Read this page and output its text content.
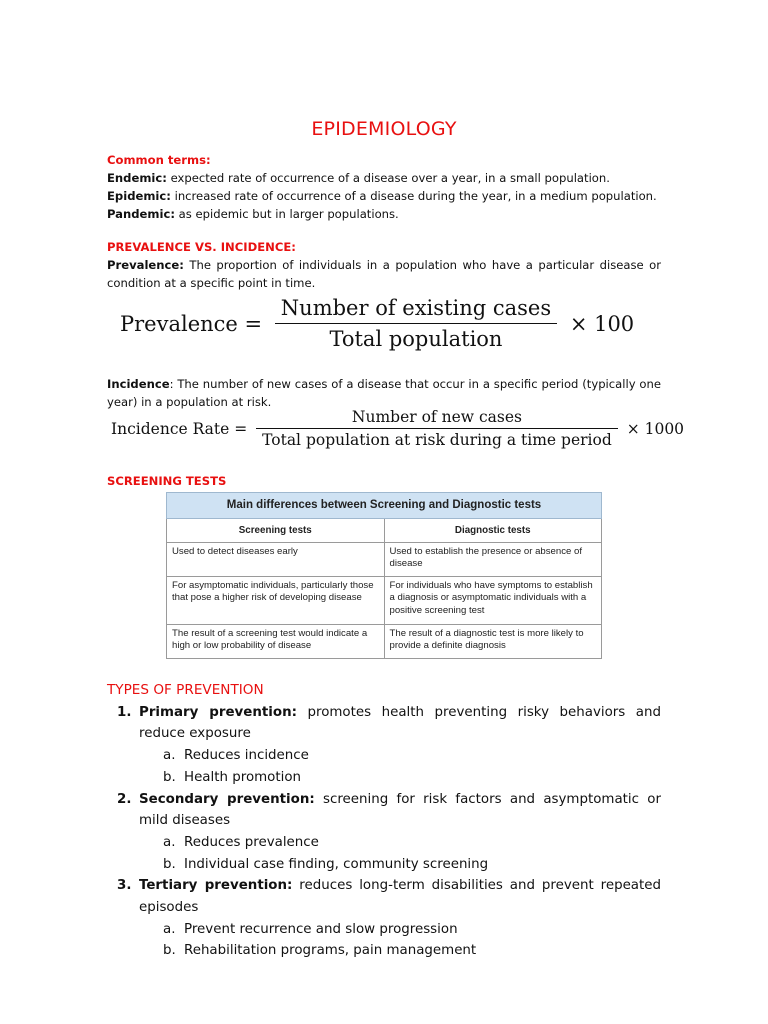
EPIDEMIOLOGY

Common terms:

Endemic: expected rate of occurrence of a disease over a year, in a small population.

Epidemic: increased rate of occurrence of a disease during the year, in a medium population.

Pandemic: as epidemic but in larger populations.

PREVALENCE VS. INCIDENCE:

Prevalence: The proportion of individuals in a population who have a particular disease or condition at a specific point in time.

Prevalence = $\frac{\text{Number of existing cases}}{\text{Total population}} \times 100$

Incidence: The number of new cases of a disease that occur in a specific period (typically one year) in a population at risk.

Incidence Rate = $\frac{\text{Number of new cases}}{\text{Total population at risk during a time period}} \times 1000$
SCREENING TESTS
Main differences between Screening and Diagnostic tests	
Screening tests	Diagnostic tests
Used to detect diseases early	Used to establish the presence or absence of disease
For asymptomatic individuals, particularly those that pose a higher risk of developing disease	For individuals who have symptoms to establish a diagnosis or asymptomatic individuals with a positive screening test
The result of a screening test would indicate a high or low probability of disease	The result of a diagnostic test is more likely to provide a definite diagnosis
TYPES OF PREVENTION
1. Primary prevention: promotes health preventing risky behaviors and reduce exposure
a. Reduces incidence
b. Health promotion
2. Secondary prevention: screening for risk factors and asymptomatic or mild diseases
a. Reduces prevalence
b. Individual case finding, community screening
3. Tertiary prevention: reduces long-term disabilities and prevent repeated episodes
a. Prevent recurrence and slow progression
b. Rehabilitation programs, pain management
